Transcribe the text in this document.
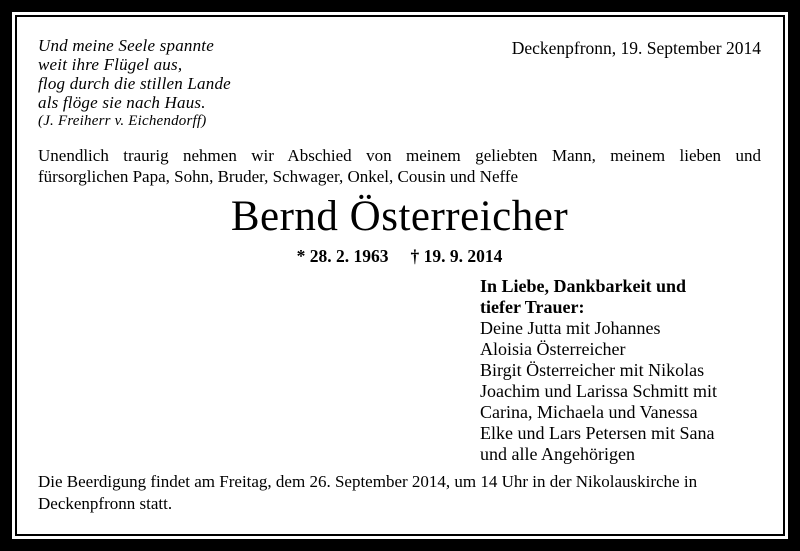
Und meine Seele spannte
weit ihre Flügel aus,
flog durch die stillen Lande
als flöge sie nach Haus.
(J. Freiherr v. Eichendorff)
Deckenpfronn, 19. September 2014
Unendlich traurig nehmen wir Abschied von meinem geliebten Mann, meinem lieben und
fürsorglichen Papa, Sohn, Bruder, Schwager, Onkel, Cousin und Neffe
Bernd Österreicher
* 28. 2. 1963 † 19. 9. 2014
In Liebe, Dankbarkeit und
tiefer Trauer:
Deine Jutta mit Johannes
Aloisia Österreicher
Birgit Österreicher mit Nikolas
Joachim und Larissa Schmitt mit
Carina, Michaela und Vanessa
Elke und Lars Petersen mit Sana
und alle Angehörigen
Die Beerdigung findet am Freitag, dem 26. September 2014, um 14 Uhr in der Nikolauskirche in
Deckenpfronn statt.
